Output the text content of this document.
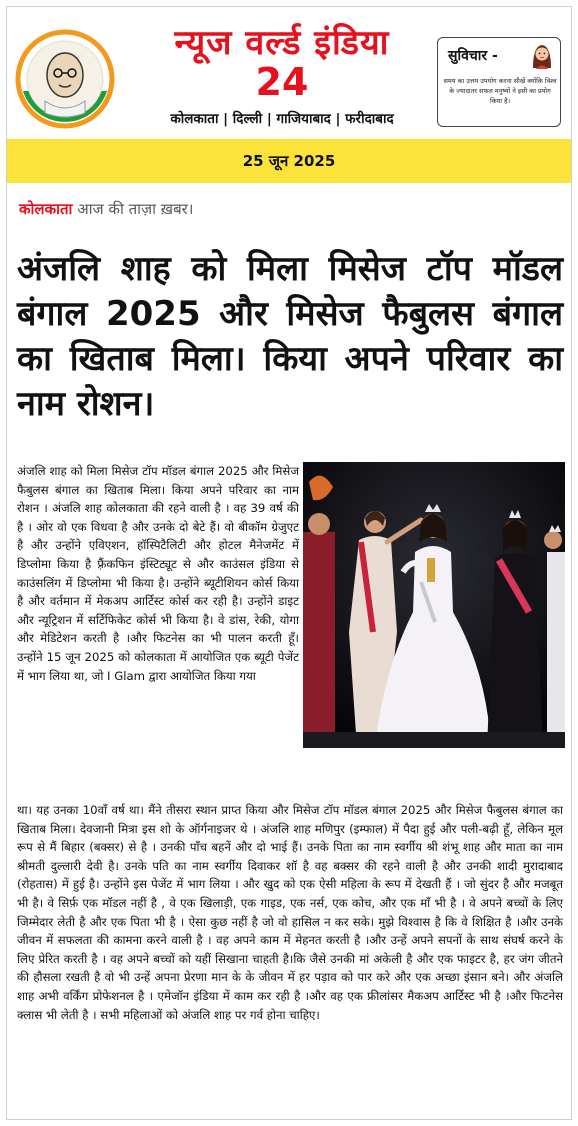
न्यूज वर्ल्ड इंडिया
24
कोलकाता | दिल्ली | गाजियाबाद | फरीदाबाद
सुविचार -
समय का उत्तम उपयोग करना सीखें क्योंकि विश्व के ज्यादातर सफल मनुष्यों ने इसी का प्रयोग किया है।
25 जून 2025
कोलकाता आज की ताज़ा ख़बर।
अंजलि शाह को मिला मिसेज टॉप मॉडल बंगाल 2025 और मिसेज फैबुलस बंगाल का खिताब मिला। किया अपने परिवार का नाम रोशन।
अंजलि शाह को मिला मिसेज टॉप मॉडल बंगाल 2025 और मिसेज फैबुलस बंगाल का खिताब मिला। किया अपने परिवार का नाम रोशन । अंजलि शाह कोलकाता की रहने वाली है । वह 39 वर्ष की है । ओर वो एक विधवा है और उनके दो बेटे हैं। वो बीकॉम ग्रेजुएट है और उन्होंने एविएशन, हॉस्पिटैलिटी और होटल मैनेजमेंट में डिप्लोमा किया है फ़्रैंकफिन इंस्टिट्यूट से और काउंसल इंडिया से काउंसलिंग में डिप्लोमा भी किया है। उन्होंने ब्यूटीशियन कोर्स किया है और वर्तमान में मेकअप आर्टिस्ट कोर्स कर रही है। उन्होंने डाइट और न्यूट्रिशन में सर्टिफिकेट कोर्स भी किया है। वे डांस, रेकी, योगा और मेडिटेशन करती है ।और फिटनेस का भी पालन करती हूँ। उन्होंने 15 जून 2025 को कोलकाता में आयोजित एक ब्यूटी पेजेंट में भाग लिया था, जो I Glam द्वारा आयोजित किया गया
था। यह उनका 10वाँ वर्ष था। मैंने तीसरा स्थान प्राप्त किया और मिसेज टॉप मॉडल बंगाल 2025 और मिसेज फैबुलस बंगाल का खिताब मिला। देवजानी मित्रा इस शो के ऑर्गनाइजर थे । अंजलि शाह मणिपुर (इम्फाल) में पैदा हुई और पली-बढ़ी हूँ, लेकिन मूल रूप से मैं बिहार (बक्सर) से है । उनकी पाँच बहनें और दो भाई हैं। उनके पिता का नाम स्वर्गीय श्री शंभू शाह और माता का नाम श्रीमती दुल्लारी देवी है। उनके पति का नाम स्वर्गीय दिवाकर शॉ है वह बक्सर की रहने वाली है और उनकी शादी मुरादाबाद (रोहतास) में हुई है। उन्होंने इस पेजेंट में भाग लिया । और खुद को एक ऐसी महिला के रूप में देखती हैं । जो सुंदर है और मजबूत भी है। वे सिर्फ़ एक मॉडल नहीं है , वे एक खिलाड़ी, एक गाइड, एक नर्स, एक कोच, और एक माँ भी है । वे अपने बच्चों के लिए जिम्मेदार लेती है और एक पिता भी है । ऐसा कुछ नहीं है जो वो हासिल न कर सके। मुझे विश्वास है कि वे शिक्षित है ।और उनके जीवन में सफलता की कामना करने वाली है । वह अपने काम में मेहनत करती है ।और उन्हें अपने सपनों के साथ संघर्ष करने के लिए प्रेरित करती है । वह अपने बच्चों को यहीं सिखाना चाहती है।कि जैसे उनकी मां अकेली है और एक फाइटर है, हर जंग जीतने की हौसला रखती है वो भी उन्हें अपना प्रेरणा मान के के जीवन में हर पड़ाव को पार करे और एक अच्छा इंसान बने। और अंजलि शाह अभी वर्किंग प्रोफेशनल है । एमेजॉन इंडिया में काम कर रही है ।और वह एक फ्रीलांसर मैकअप आर्टिस्ट भी है ।और फिटनेस क्लास भी लेती है । सभी महिलाओं को अंजलि शाह पर गर्व होना चाहिए।
